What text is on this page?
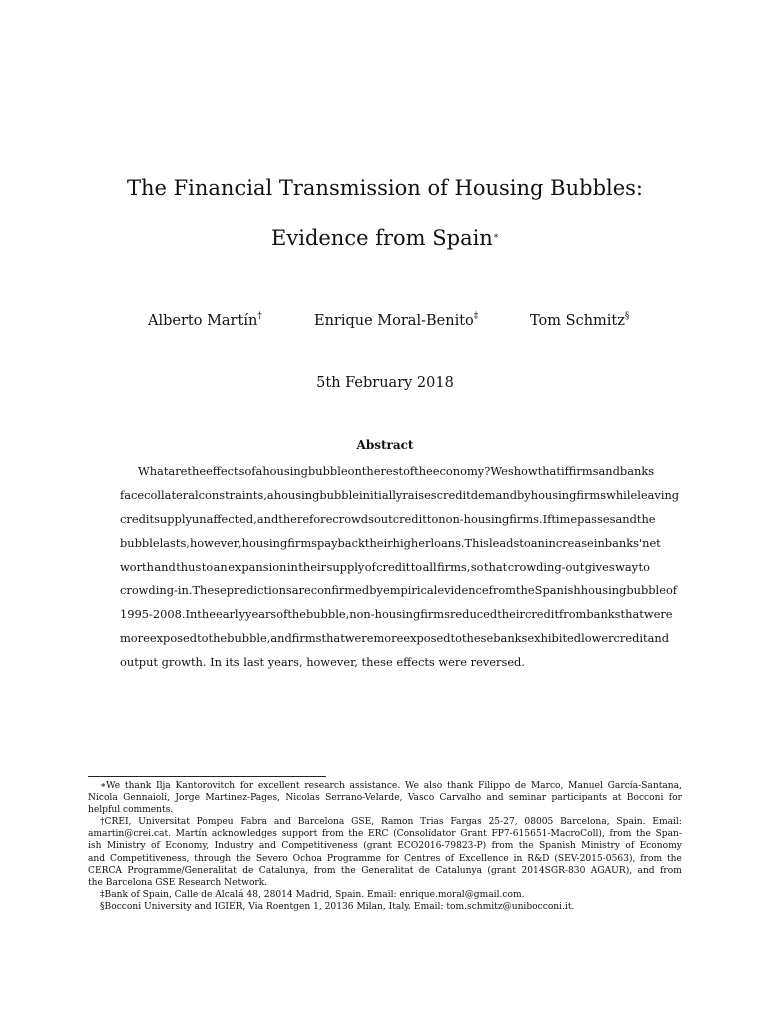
The Financial Transmission of Housing Bubbles:
Evidence from Spain∗
Alberto Martín†	Enrique Moral-Benito‡	Tom Schmitz§
5th February 2018
Abstract
What are the effects of a housing bubble on the rest of the economy? We show that if firms and banks
face collateral constraints, a housing bubble initially raises credit demand by housing firms while leaving
credit supply unaffected, and therefore crowds out credit to non-housing firms. If time passes and the
bubble lasts, however, housing firms pay back their higher loans. This leads to an increase in banks' net
worth and thus to an expansion in their supply of credit to all firms, so that crowding-out gives way to
crowding-in. These predictions are confirmed by empirical evidence from the Spanish housing bubble of
1995-2008. In the early years of the bubble, non-housing firms reduced their credit from banks that were
more exposed to the bubble, and firms that were more exposed to these banks exhibited lower credit and
output growth. In its last years, however, these effects were reversed.
∗We thank Ilja Kantorovitch for excellent research assistance. We also thank Filippo de Marco, Manuel García-Santana,
Nicola Gennaioli, Jorge Martinez-Pages, Nicolas Serrano-Velarde, Vasco Carvalho and seminar participants at Bocconi for
helpful comments.
†CREI, Universitat Pompeu Fabra and Barcelona GSE, Ramon Trias Fargas 25-27, 08005 Barcelona, Spain. Email:
amartin@crei.cat. Martín acknowledges support from the ERC (Consolidator Grant FP7-615651-MacroColl), from the Span-
ish Ministry of Economy, Industry and Competitiveness (grant ECO2016-79823-P) from the Spanish Ministry of Economy
and Competitiveness, through the Severo Ochoa Programme for Centres of Excellence in R&D (SEV-2015-0563), from the
CERCA Programme/Generalitat de Catalunya, from the Generalitat de Catalunya (grant 2014SGR-830 AGAUR), and from
the Barcelona GSE Research Network.
‡Bank of Spain, Calle de Alcalá 48, 28014 Madrid, Spain. Email: enrique.moral@gmail.com.
§Bocconi University and IGIER, Via Roentgen 1, 20136 Milan, Italy. Email: tom.schmitz@unibocconi.it.
